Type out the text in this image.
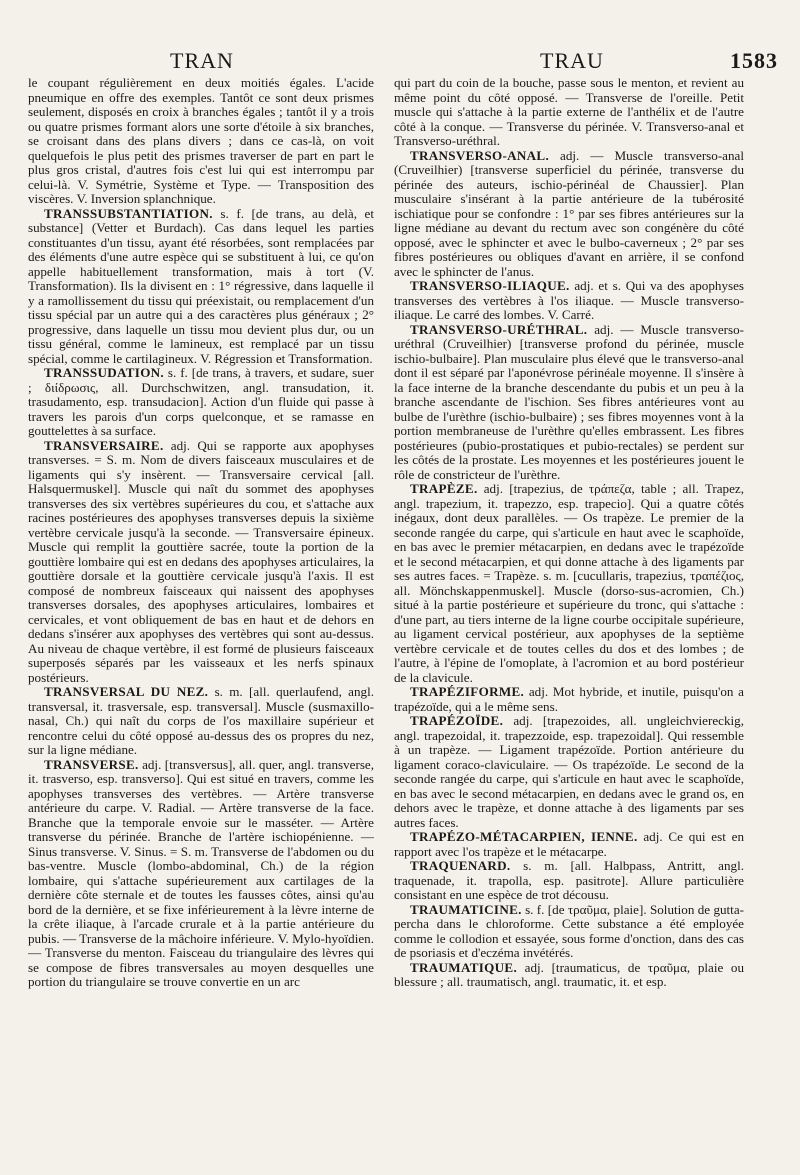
TRAN	TRAU	1583

le coupant régulièrement en deux moitiés égales. L'acide pneumique en offre des exemples. Tantôt ce sont deux prismes seulement, disposés en croix à branches égales ; tantôt il y a trois ou quatre prismes formant alors une sorte d'étoile à six branches, se croisant dans des plans divers ; dans ce cas-là, on voit quelquefois le plus petit des prismes traverser de part en part le plus gros cristal, d'autres fois c'est lui qui est interrompu par celui-là. V. Symétrie, Système et Type. — Transposition des viscères. V. Inversion splanchnique.

TRANSSUBSTANTIATION. s. f. [de trans, au delà, et substance] (Vetter et Burdach). Cas dans lequel les parties constituantes d'un tissu, ayant été résorbées, sont remplacées par des éléments d'une autre espèce qui se substituent à lui, ce qu'on appelle habituellement transformation, mais à tort (V. Transformation). Ils la divisent en : 1° régressive, dans laquelle il y a ramollissement du tissu qui préexistait, ou remplacement d'un tissu spécial par un autre qui a des caractères plus généraux ; 2° progressive, dans laquelle un tissu mou devient plus dur, ou un tissu général, comme le lamineux, est remplacé par un tissu spécial, comme le cartilagineux. V. Régression et Transformation.

TRANSSUDATION. s. f. [de trans, à travers, et sudare, suer ; διίδρωσις, all. Durchschwitzen, angl. transudation, it. trasudamento, esp. transudacion]. Action d'un fluide qui passe à travers les parois d'un corps quelconque, et se ramasse en gouttelettes à sa surface.

TRANSVERSAIRE. adj. Qui se rapporte aux apophyses transverses. = S. m. Nom de divers faisceaux musculaires et de ligaments qui s'y insèrent. — Transversaire cervical [all. Halsquermuskel]. Muscle qui naît du sommet des apophyses transverses des six vertèbres supérieures du cou, et s'attache aux racines postérieures des apophyses transverses depuis la sixième vertèbre cervicale jusqu'à la seconde. — Transversaire épineux. Muscle qui remplit la gouttière sacrée, toute la portion de la gouttière lombaire qui est en dedans des apophyses articulaires, la gouttière dorsale et la gouttière cervicale jusqu'à l'axis. Il est composé de nombreux faisceaux qui naissent des apophyses transverses dorsales, des apophyses articulaires, lombaires et cervicales, et vont obliquement de bas en haut et de dehors en dedans s'insérer aux apophyses des vertèbres qui sont au-dessus. Au niveau de chaque vertèbre, il est formé de plusieurs faisceaux superposés séparés par les vaisseaux et les nerfs spinaux postérieurs.

TRANSVERSAL DU NEZ. s. m. [all. querlaufend, angl. transversal, it. trasversale, esp. transversal]. Muscle (susmaxillo-nasal, Ch.) qui naît du corps de l'os maxillaire supérieur et rencontre celui du côté opposé au-dessus des os propres du nez, sur la ligne médiane.

TRANSVERSE. adj. [transversus], all. quer, angl. transverse, it. trasverso, esp. transverso]. Qui est situé en travers, comme les apophyses transverses des vertèbres. — Artère transverse antérieure du carpe. V. Radial. — Artère transverse de la face. Branche que la temporale envoie sur le masséter. — Artère transverse du périnée. Branche de l'artère ischiopénienne. — Sinus transverse. V. Sinus. = S. m. Transverse de l'abdomen ou du bas-ventre. Muscle (lombo-abdominal, Ch.) de la région lombaire, qui s'attache supérieurement aux cartilages de la dernière côte sternale et de toutes les fausses côtes, ainsi qu'au bord de la dernière, et se fixe inférieurement à la lèvre interne de la crête iliaque, à l'arcade crurale et à la partie antérieure du pubis. — Transverse de la mâchoire inférieure. V. Mylo-hyoïdien. — Transverse du menton. Faisceau du triangulaire des lèvres qui se compose de fibres transversales au moyen desquelles une portion du triangulaire se trouve convertie en un arc

qui part du coin de la bouche, passe sous le menton, et revient au même point du côté opposé. — Transverse de l'oreille. Petit muscle qui s'attache à la partie externe de l'anthélix et de l'autre côté à la conque. — Transverse du périnée. V. Transverso-anal et Transverso-uréthral.

TRANSVERSO-ANAL. adj. — Muscle transverso-anal (Cruveilhier) [transverse superficiel du périnée, transverse du périnée des auteurs, ischio-périnéal de Chaussier]. Plan musculaire s'insérant à la partie antérieure de la tubérosité ischiatique pour se confondre : 1° par ses fibres antérieures sur la ligne médiane au devant du rectum avec son congénère du côté opposé, avec le sphincter et avec le bulbo-caverneux ; 2° par ses fibres postérieures ou obliques d'avant en arrière, il se confond avec le sphincter de l'anus.

TRANSVERSO-ILIAQUE. adj. et s. Qui va des apophyses transverses des vertèbres à l'os iliaque. — Muscle transverso-iliaque. Le carré des lombes. V. Carré.

TRANSVERSO-URÉTHRAL. adj. — Muscle transverso-uréthral (Cruveilhier) [transverse profond du périnée, muscle ischio-bulbaire]. Plan musculaire plus élevé que le transverso-anal dont il est séparé par l'aponévrose périnéale moyenne. Il s'insère à la face interne de la branche descendante du pubis et un peu à la branche ascendante de l'ischion. Ses fibres antérieures vont au bulbe de l'urèthre (ischio-bulbaire) ; ses fibres moyennes vont à la portion membraneuse de l'urèthre qu'elles embrassent. Les fibres postérieures (pubio-prostatiques et pubio-rectales) se perdent sur les côtés de la prostate. Les moyennes et les postérieures jouent le rôle de constricteur de l'urèthre.

TRAPÈZE. adj. [trapezius, de τράπεζα, table ; all. Trapez, angl. trapezium, it. trapezzo, esp. trapecio]. Qui a quatre côtés inégaux, dont deux parallèles. — Os trapèze. Le premier de la seconde rangée du carpe, qui s'articule en haut avec le scaphoïde, en bas avec le premier métacarpien, en dedans avec le trapézoïde et le second métacarpien, et qui donne attache à des ligaments par ses autres faces. = Trapèze. s. m. [cucullaris, trapezius, τραπέζιος, all. Mönchskappenmuskel]. Muscle (dorso-sus-acromien, Ch.) situé à la partie postérieure et supérieure du tronc, qui s'attache : d'une part, au tiers interne de la ligne courbe occipitale supérieure, au ligament cervical postérieur, aux apophyses de la septième vertèbre cervicale et de toutes celles du dos et des lombes ; de l'autre, à l'épine de l'omoplate, à l'acromion et au bord postérieur de la clavicule.

TRAPÉZIFORME. adj. Mot hybride, et inutile, puisqu'on a trapézoïde, qui a le même sens.

TRAPÉZOÏDE. adj. [trapezoides, all. ungleichviereckig, angl. trapezoidal, it. trapezzoide, esp. trapezoidal]. Qui ressemble à un trapèze. — Ligament trapézoïde. Portion antérieure du ligament coraco-claviculaire. — Os trapézoïde. Le second de la seconde rangée du carpe, qui s'articule en haut avec le scaphoïde, en bas avec le second métacarpien, en dedans avec le grand os, en dehors avec le trapèze, et donne attache à des ligaments par ses autres faces.

TRAPÉZO-MÉTACARPIEN, IENNE. adj. Ce qui est en rapport avec l'os trapèze et le métacarpe.

TRAQUENARD. s. m. [all. Halbpass, Antritt, angl. traquenade, it. trapolla, esp. pasitrote]. Allure particulière consistant en une espèce de trot décousu.

TRAUMATICINE. s. f. [de τραῦμα, plaie]. Solution de gutta-percha dans le chloroforme. Cette substance a été employée comme le collodion et essayée, sous forme d'onction, dans des cas de psoriasis et d'eczéma invétérés.

TRAUMATIQUE. adj. [traumaticus, de τραῦμα, plaie ou blessure ; all. traumatisch, angl. traumatic, it. et esp.
